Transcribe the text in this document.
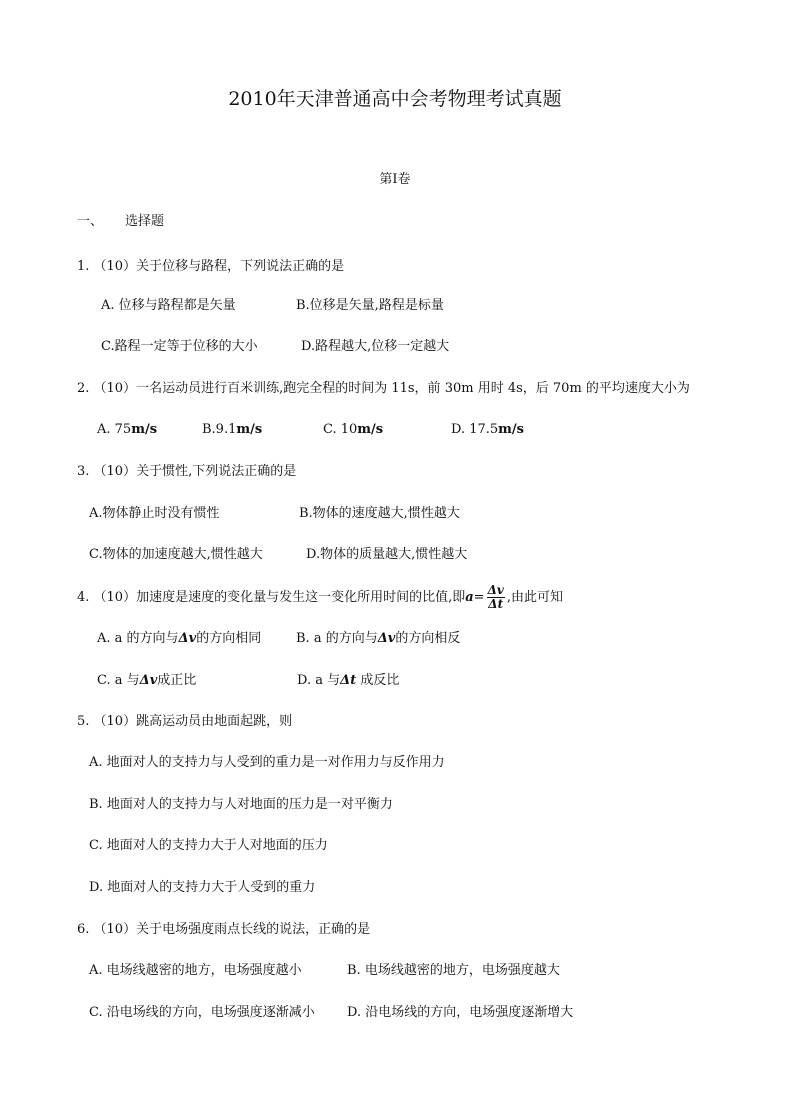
2010年天津普通高中会考物理考试真题
第Ⅰ卷
一、 选择题
1. （10）关于位移与路程，下列说法正确的是
A. 位移与路程都是矢量	B.位移是矢量,路程是标量
C.路程一定等于位移的大小	D.路程越大,位移一定越大
2. （10）一名运动员进行百米训练,跑完全程的时间为 11s，前 30m 用时 4s，后 70m 的平均速度大小为
A. 75m/s	B.9.1m/s	C. 10m/s	D. 17.5m/s
3. （10）关于惯性,下列说法正确的是
A.物体静止时没有惯性	B.物体的速度越大,惯性越大
C.物体的加速度越大,惯性越大	D.物体的质量越大,惯性越大
4. （10）加速度是速度的变化量与发生这一变化所用时间的比值,即$a= \frac{\Delta v}{\Delta t}$ ,由此可知
A. a 的方向与Δv的方向相同	B. a 的方向与Δv的方向相反
C. a 与Δv成正比	D. a 与Δt 成反比
5. （10）跳高运动员由地面起跳，则
A. 地面对人的支持力与人受到的重力是一对作用力与反作用力
B. 地面对人的支持力与人对地面的压力是一对平衡力
C. 地面对人的支持力大于人对地面的压力
D. 地面对人的支持力大于人受到的重力
6. （10）关于电场强度雨点长线的说法，正确的是
A. 电场线越密的地方，电场强度越小	B. 电场线越密的地方，电场强度越大
C. 沿电场线的方向，电场强度逐渐减小 D. 沿电场线的方向，电场强度逐渐增大
